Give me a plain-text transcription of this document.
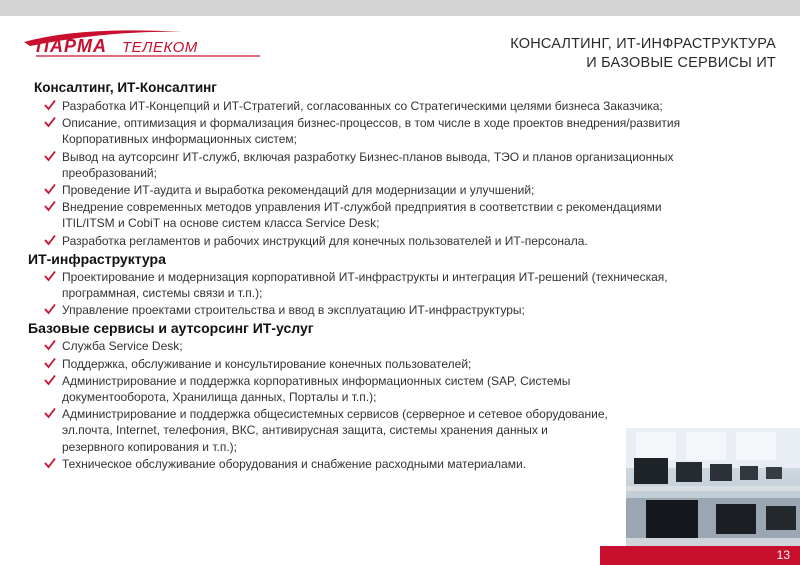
ПАРМА ТЕЛЕКОМ	КОНСАЛТИНГ, ИТ-ИНФРАСТРУКТУРА
И БАЗОВЫЕ СЕРВИСЫ ИТ
Консалтинг, ИТ-Консалтинг
Разработка ИТ-Концепций и ИТ-Стратегий, согласованных со Стратегическими целями бизнеса Заказчика;
Описание, оптимизация и формализация бизнес-процессов, в том числе в ходе проектов внедрения/развития Корпоративных информационных систем;
Вывод на аутсорсинг ИТ-служб, включая разработку Бизнес-планов вывода, ТЭО и планов организационных преобразований;
Проведение ИТ-аудита и выработка рекомендаций для модернизации и улучшений;
Внедрение современных методов управления ИТ-службой предприятия в соответствии с рекомендациями ITIL/ITSM и CobiT на основе систем класса Service Desk;
Разработка регламентов и рабочих инструкций для конечных пользователей и ИТ-персонала.
ИТ-инфраструктура
Проектирование и модернизация корпоративной ИТ-инфраструкты и интеграция ИТ-решений (техническая, программная, системы связи и т.п.);
Управление проектами строительства и ввод в эксплуатацию ИТ-инфраструктуры;
Базовые сервисы и аутсорсинг ИТ-услуг
Служба Service Desk;
Поддержка, обслуживание и консультирование конечных пользователей;
Администрирование и поддержка корпоративных информационных систем (SAP, Системы документооборота, Хранилища данных, Порталы и т.п.);
Администрирование и поддержка общесистемных сервисов (серверное и сетевое оборудование, эл.почта, Internet, телефония, ВКС, антивирусная защита, системы хранения данных и резервного копирования и т.п.);
Техническое обслуживание оборудования и снабжение расходными материалами.
13
